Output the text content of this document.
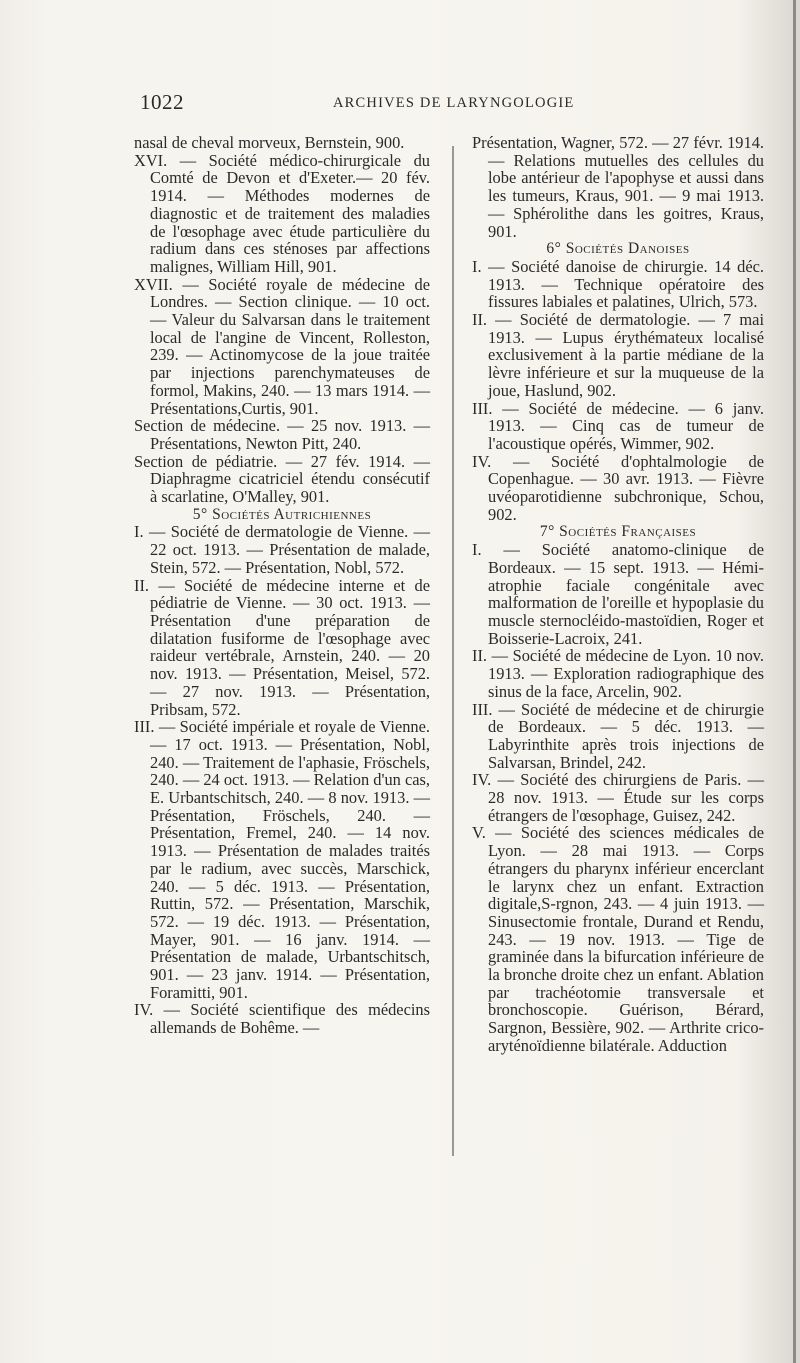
1022	ARCHIVES DE LARYNGOLOGIE

nasal de cheval morveux, Bernstein, 900.

XVI. — Société médico-chirurgicale du Comté de Devon et d'Exeter.— 20 fév. 1914. — Méthodes modernes de diagnostic et de traitement des maladies de l'œsophage avec étude particulière du radium dans ces sténoses par affections malignes, William Hill, 901.

XVII. — Société royale de médecine de Londres. — Section clinique. — 10 oct. — Valeur du Salvarsan dans le traitement local de l'angine de Vincent, Rolleston, 239. — Actinomycose de la joue traitée par injections parenchymateuses de formol, Makins, 240. — 13 mars 1914. — Présentations,Curtis, 901.

Section de médecine. — 25 nov. 1913. — Présentations, Newton Pitt, 240.

Section de pédiatrie. — 27 fév. 1914. — Diaphragme cicatriciel étendu consécutif à scarlatine, O'Malley, 901.

5° Sociétés Autrichiennes

I. — Société de dermatologie de Vienne. — 22 oct. 1913. — Présentation de malade, Stein, 572. — Présentation, Nobl, 572.

II. — Société de médecine interne et de pédiatrie de Vienne. — 30 oct. 1913. — Présentation d'une préparation de dilatation fusiforme de l'œsophage avec raideur vertébrale, Arnstein, 240. — 20 nov. 1913. — Présentation, Meisel, 572. — 27 nov. 1913. — Présentation, Pribsam, 572.

III. — Société impériale et royale de Vienne. — 17 oct. 1913. — Présentation, Nobl, 240. — Traitement de l'aphasie, Fröschels, 240. — 24 oct. 1913. — Relation d'un cas, E. Urbantschitsch, 240. — 8 nov. 1913. — Présentation, Fröschels, 240. — Présentation, Fremel, 240. — 14 nov. 1913. — Présentation de malades traités par le radium, avec succès, Marschick, 240. — 5 déc. 1913. — Présentation, Ruttin, 572. — Présentation, Marschik, 572. — 19 déc. 1913. — Présentation, Mayer, 901. — 16 janv. 1914. — Présentation de malade, Urbantschitsch, 901. — 23 janv. 1914. — Présentation, Foramitti, 901.

IV. — Société scientifique des médecins allemands de Bohême. —

Présentation, Wagner, 572. — 27 févr. 1914. — Relations mutuelles des cellules du lobe antérieur de l'apophyse et aussi dans les tumeurs, Kraus, 901. — 9 mai 1913. — Sphérolithe dans les goitres, Kraus, 901.

6° Sociétés Danoises

I. — Société danoise de chirurgie. 14 déc. 1913. — Technique opératoire des fissures labiales et palatines, Ulrich, 573.

II. — Société de dermatologie. — 7 mai 1913. — Lupus érythémateux localisé exclusivement à la partie médiane de la lèvre inférieure et sur la muqueuse de la joue, Haslund, 902.

III. — Société de médecine. — 6 janv. 1913. — Cinq cas de tumeur de l'acoustique opérés, Wimmer, 902.

IV. — Société d'ophtalmologie de Copenhague. — 30 avr. 1913. — Fièvre uvéoparotidienne subchronique, Schou, 902.

7° Sociétés Françaises

I. — Société anatomo-clinique de Bordeaux. — 15 sept. 1913. — Hémi-atrophie faciale congénitale avec malformation de l'oreille et hypoplasie du muscle sternocléido-mastoïdien, Roger et Boisserie-Lacroix, 241.

II. — Société de médecine de Lyon. 10 nov. 1913. — Exploration radiographique des sinus de la face, Arcelin, 902.

III. — Société de médecine et de chirurgie de Bordeaux. — 5 déc. 1913. — Labyrinthite après trois injections de Salvarsan, Brindel, 242.

IV. — Société des chirurgiens de Paris. — 28 nov. 1913. — Étude sur les corps étrangers de l'œsophage, Guisez, 242.

V. — Société des sciences médicales de Lyon. — 28 mai 1913. — Corps étrangers du pharynx inférieur encerclant le larynx chez un enfant. Extraction digitale,S-rgnon, 243. — 4 juin 1913. — Sinusectomie frontale, Durand et Rendu, 243. — 19 nov. 1913. — Tige de graminée dans la bifurcation inférieure de la bronche droite chez un enfant. Ablation par trachéotomie transversale et bronchoscopie. Guérison, Bérard, Sargnon, Bessière, 902. — Arthrite crico-aryténoïdienne bilatérale. Adduction
